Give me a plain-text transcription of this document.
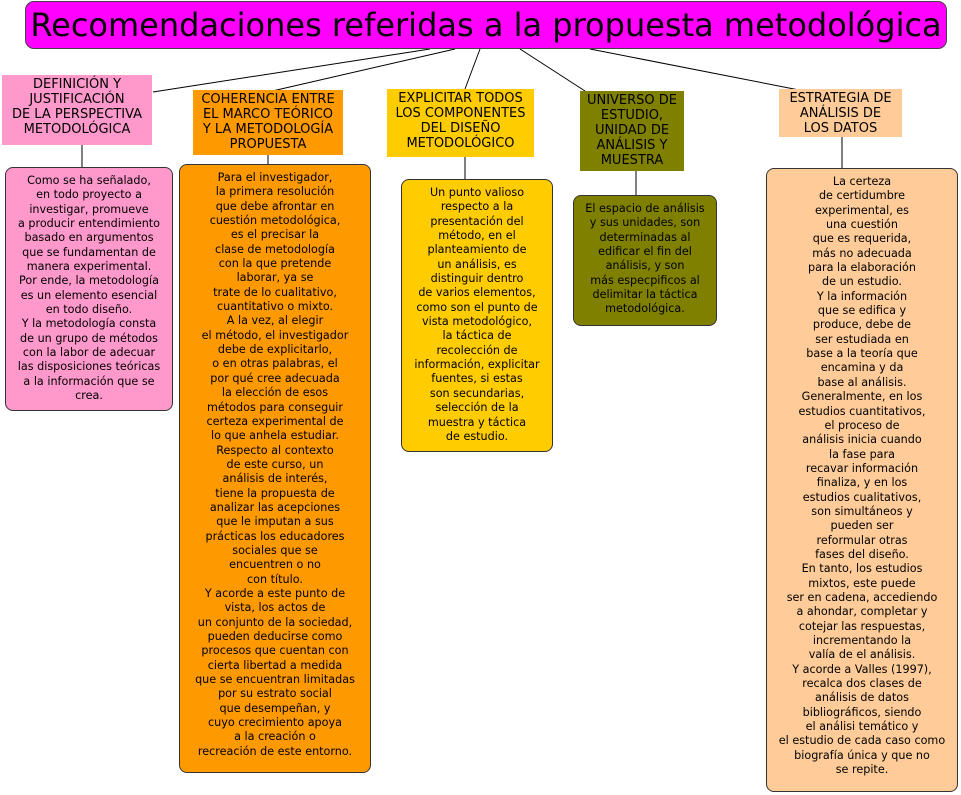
Recomendaciones referidas a la propuesta metodológica
DEFINICIÓN Y
JUSTIFICACIÓN
DE LA PERSPECTIVA
METODOLÓGICA
Como se ha señalado,
en todo proyecto a
investigar, promueve
a producir entendimiento
basado en argumentos
que se fundamentan de
manera experimental.
Por ende, la metodología
es un elemento esencial
en todo diseño.
Y la metodología consta
de un grupo de métodos
con la labor de adecuar
las disposiciones teóricas
a la información que se
crea.
COHERENCIA ENTRE
EL MARCO TEÓRICO
Y LA METODOLOGÍA
PROPUESTA
Para el investigador,
la primera resolución
que debe afrontar en
cuestión metodológica,
es el precisar la
clase de metodología
con la que pretende
laborar, ya se
trate de lo cualitativo,
cuantitativo o mixto.
A la vez, al elegir
el método, el investigador
debe de explicitarlo,
o en otras palabras, el
por qué cree adecuada
la elección de esos
métodos para conseguir
certeza experimental de
lo que anhela estudiar.
Respecto al contexto
de este curso, un
análisis de interés,
tiene la propuesta de
analizar las acepciones
que le imputan a sus
prácticas los educadores
sociales que se
encuentren o no
con título.
Y acorde a este punto de
vista, los actos de
un conjunto de la sociedad,
pueden deducirse como
procesos que cuentan con
cierta libertad a medida
que se encuentran limitadas
por su estrato social
que desempeñan, y
cuyo crecimiento apoya
a la creación o
recreación de este entorno.
EXPLICITAR TODOS
LOS COMPONENTES
DEL DISEÑO
METODOLÓGICO
Un punto valioso
respecto a la
presentación del
método, en el
planteamiento de
un análisis, es
distinguir dentro
de varios elementos,
como son el punto de
vista metodológico,
la táctica de
recolección de
información, explicitar
fuentes, si estas
son secundarias,
selección de la
muestra y táctica
de estudio.
UNIVERSO DE
ESTUDIO,
UNIDAD DE
ANÁLISIS Y
MUESTRA
El espacio de análisis
y sus unidades, son
determinadas al
edificar el fin del
análisis, y son
más especpificos al
delimitar la táctica
metodológica.
ESTRATEGIA DE
ANÁLISIS DE
LOS DATOS
La certeza
de certidumbre
experimental, es
una cuestión
que es requerida,
más no adecuada
para la elaboración
de un estudio.
Y la información
que se edifica y
produce, debe de
ser estudiada en
base a la teoría que
encamina y da
base al análisis.
Generalmente, en los
estudios cuantitativos,
el proceso de
análisis inicia cuando
la fase para
recavar información
finaliza, y en los
estudios cualitativos,
son simultáneos y
pueden ser
reformular otras
fases del diseño.
En tanto, los estudios
mixtos, este puede
ser en cadena, accediendo
a ahondar, completar y
cotejar las respuestas,
incrementando la
valía de el análisis.
Y acorde a Valles (1997),
recalca dos clases de
análisis de datos
bibliográficos, siendo
el análisi temático y
el estudio de cada caso como
biografía única y que no
se repite.
